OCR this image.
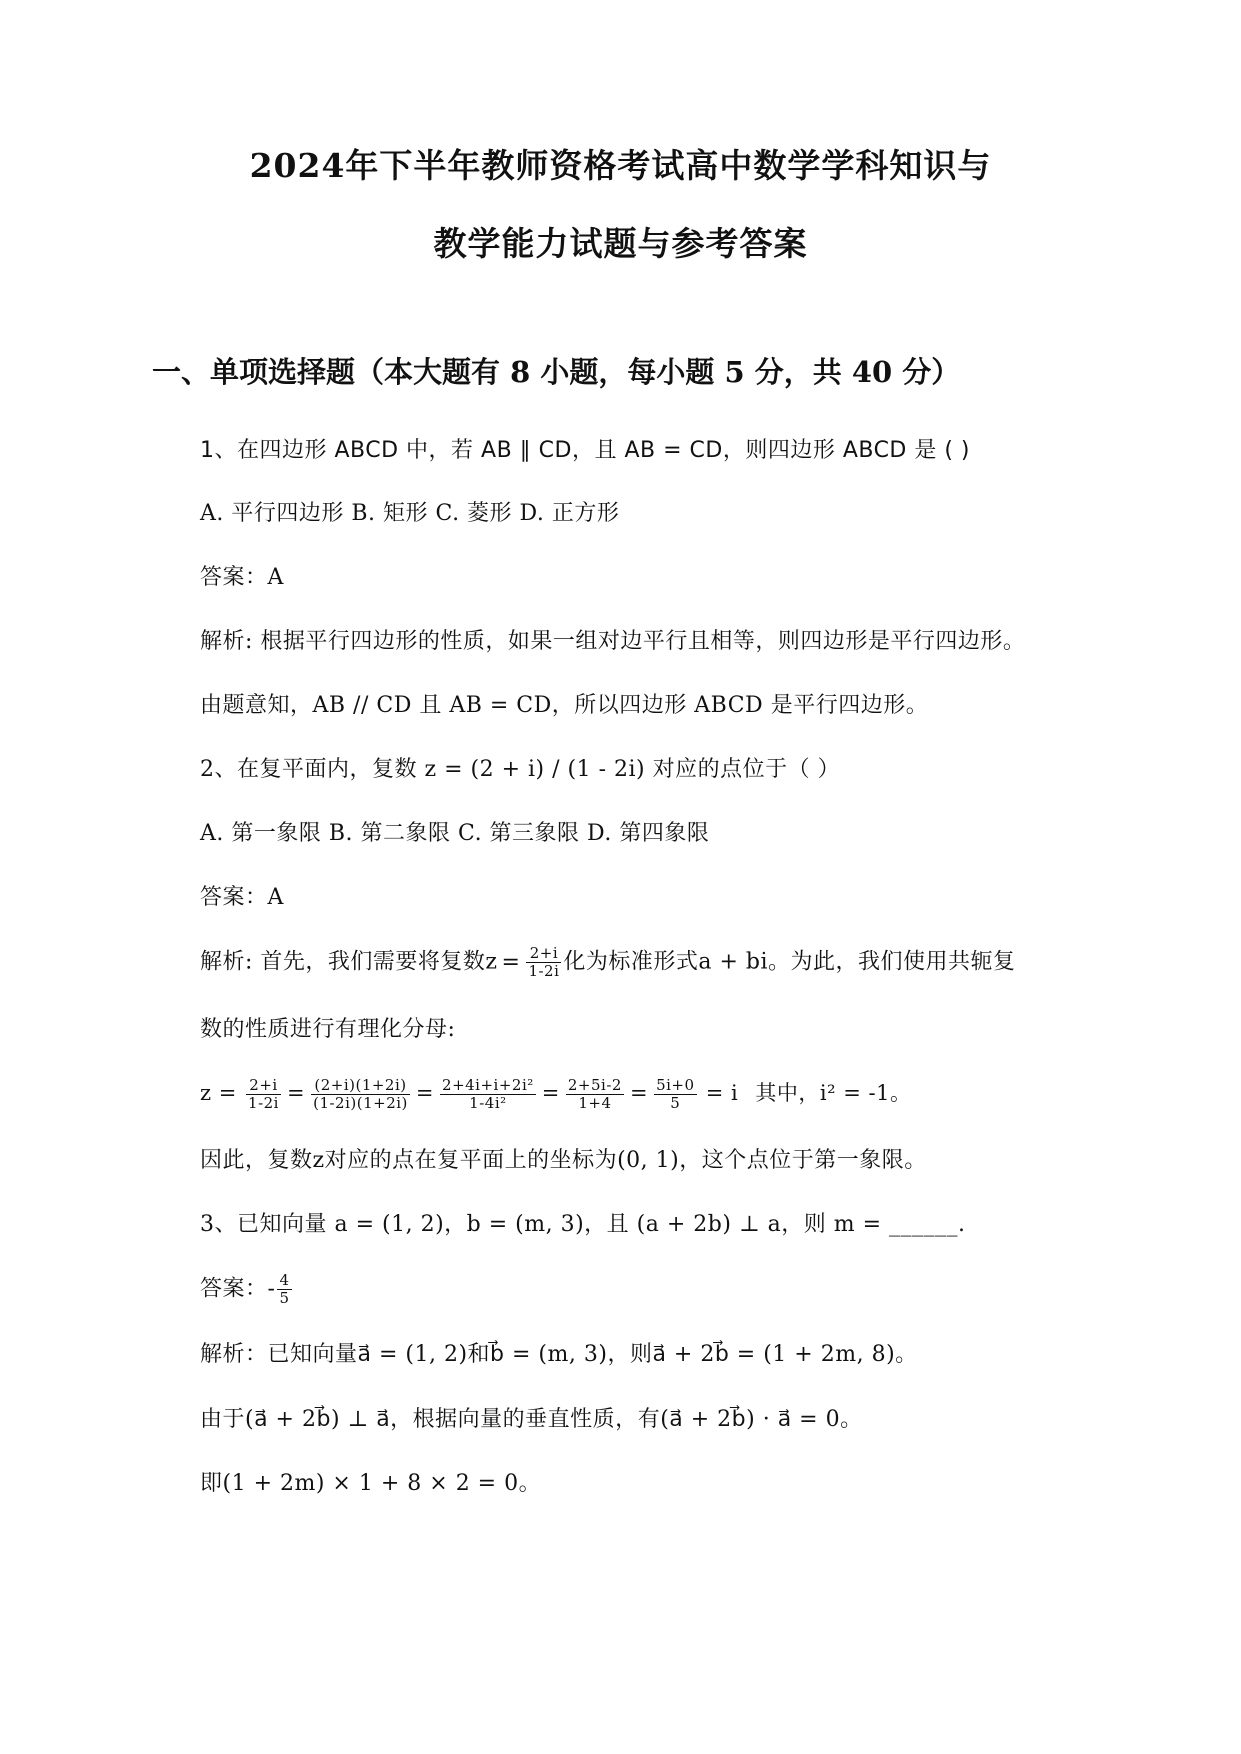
2024年下半年教师资格考试高中数学学科知识与
教学能力试题与参考答案
一、单项选择题（本大题有 8 小题，每小题 5 分，共 40 分）
1、在四边形 ABCD 中，若 AB ∥ CD，且 AB = CD，则四边形 ABCD 是 ( )
A. 平行四边形 B. 矩形 C. 菱形 D. 正方形
答案：A
解析: 根据平行四边形的性质，如果一组对边平行且相等，则四边形是平行四边形。
由题意知，AB // CD 且 AB = CD，所以四边形 ABCD 是平行四边形。
2、在复平面内，复数 z = (2 + i) / (1 - 2i) 对应的点位于（ ）
A. 第一象限 B. 第二象限 C. 第三象限 D. 第四象限
答案：A
解析: 首先，我们需要将复数$z = \frac{2+i}{1-2i}$ 化为标准形式a + bi。为此，我们使用共轭复
数的性质进行有理化分母:
$z = \frac{2+i}{1-2i} = \frac{(2+i)(1+2i)}{(1-2i)(1+2i)} = \frac{\text{2+4i+i+2i²}}{\text{1-4i²}} = \frac{2+5i-2}{1+4} = \frac{5i+0}{5} = i$ 其中，i² = -1。
因此，复数z对应的点在复平面上的坐标为(0, 1)，这个点位于第一象限。
3、已知向量 a = (1, 2)，b = (m, 3)，且 (a + 2b) ⊥ a，则 m = ______.
答案：- $\frac{4}{5}$
解析：已知向量a⃗ = (1, 2)和b⃗ = (m, 3)，则a⃗ + 2b⃗ = (1 + 2m, 8)。
由于(a⃗ + 2b⃗) ⊥ a⃗，根据向量的垂直性质，有(a⃗ + 2b⃗) · a⃗ = 0。
即(1 + 2m) × 1 + 8 × 2 = 0。
